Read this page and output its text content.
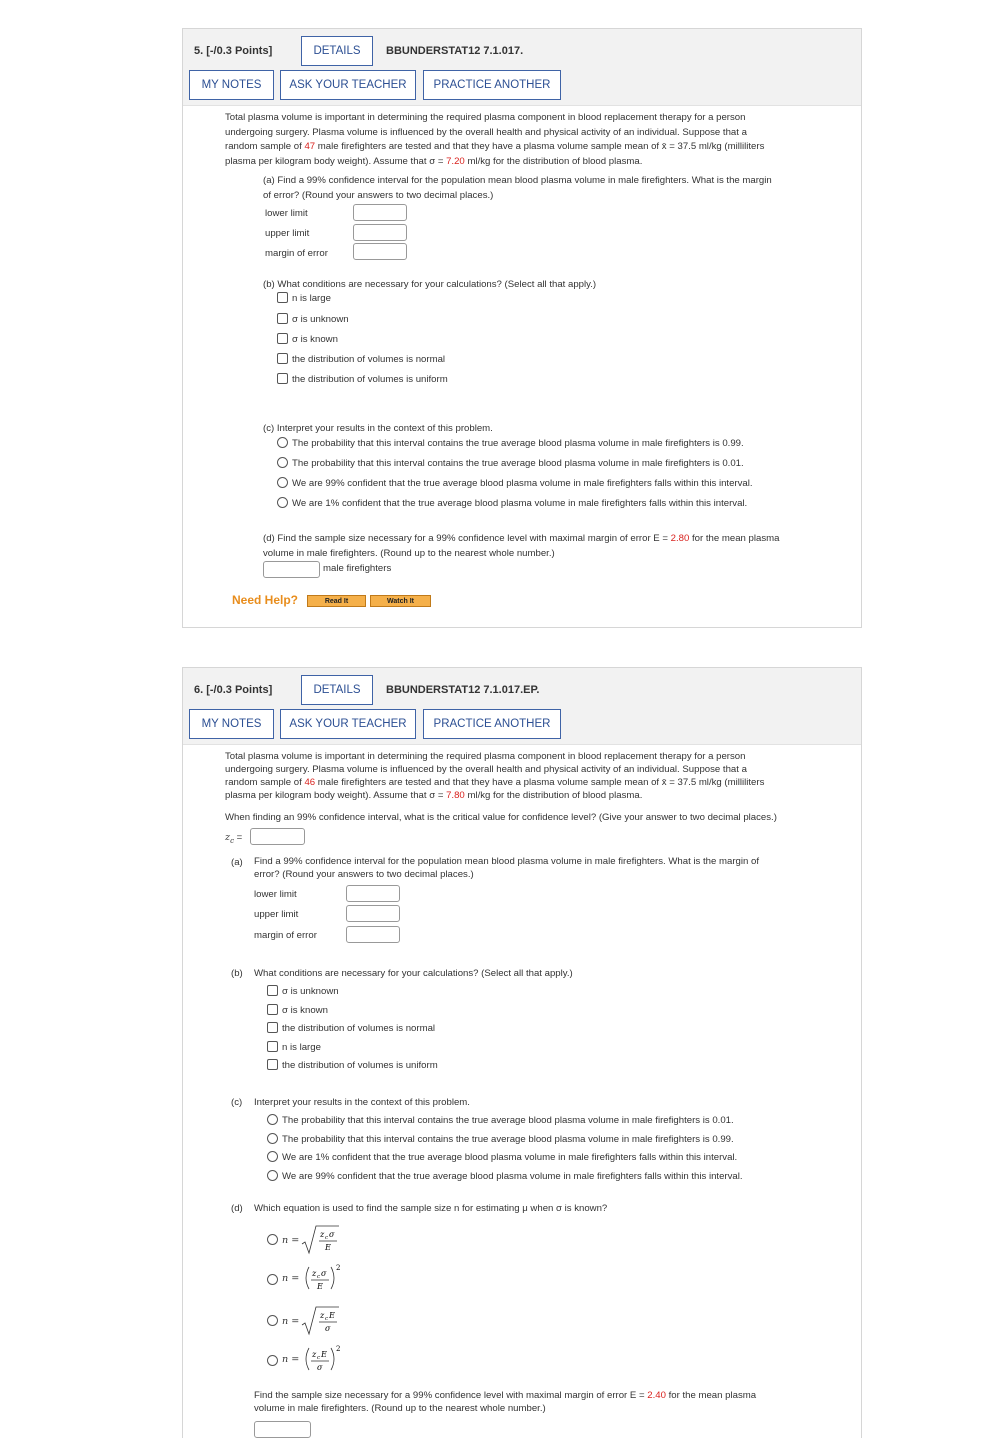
5. [-/0.3 Points]	DETAILS	BBUNDERSTAT12 7.1.017.
MY NOTES	ASK YOUR TEACHER	PRACTICE ANOTHER
Total plasma volume is important in determining the required plasma component in blood replacement therapy for a person
undergoing surgery. Plasma volume is influenced by the overall health and physical activity of an individual. Suppose that a
random sample of 47 male firefighters are tested and that they have a plasma volume sample mean of x̄ = 37.5 ml/kg (milliliters
plasma per kilogram body weight). Assume that σ = 7.20 ml/kg for the distribution of blood plasma.
(a) Find a 99% confidence interval for the population mean blood plasma volume in male firefighters. What is the margin
of error? (Round your answers to two decimal places.)
lower limit
upper limit
margin of error
(b) What conditions are necessary for your calculations? (Select all that apply.)
n is large
σ is unknown
σ is known
the distribution of volumes is normal
the distribution of volumes is uniform
(c) Interpret your results in the context of this problem.
The probability that this interval contains the true average blood plasma volume in male firefighters is 0.99.
The probability that this interval contains the true average blood plasma volume in male firefighters is 0.01.
We are 99% confident that the true average blood plasma volume in male firefighters falls within this interval.
We are 1% confident that the true average blood plasma volume in male firefighters falls within this interval.
(d) Find the sample size necessary for a 99% confidence level with maximal margin of error E = 2.80 for the mean plasma
volume in male firefighters. (Round up to the nearest whole number.)
male firefighters
Need Help?	Read It	Watch It
6. [-/0.3 Points]	DETAILS	BBUNDERSTAT12 7.1.017.EP.
MY NOTES	ASK YOUR TEACHER	PRACTICE ANOTHER
Total plasma volume is important in determining the required plasma component in blood replacement therapy for a person
undergoing surgery. Plasma volume is influenced by the overall health and physical activity of an individual. Suppose that a
random sample of 46 male firefighters are tested and that they have a plasma volume sample mean of x̄ = 37.5 ml/kg (milliliters
plasma per kilogram body weight). Assume that σ = 7.80 ml/kg for the distribution of blood plasma.
When finding an 99% confidence interval, what is the critical value for confidence level? (Give your answer to two decimal places.)
$z_c$ =
(a) Find a 99% confidence interval for the population mean blood plasma volume in male firefighters. What is the margin of
error? (Round your answers to two decimal places.)
lower limit
upper limit
margin of error
(b) What conditions are necessary for your calculations? (Select all that apply.)
σ is unknown
σ is known
the distribution of volumes is normal
n is large
the distribution of volumes is uniform
(c) Interpret your results in the context of this problem.
The probability that this interval contains the true average blood plasma volume in male firefighters is 0.01.
The probability that this interval contains the true average blood plasma volume in male firefighters is 0.99.
We are 1% confident that the true average blood plasma volume in male firefighters falls within this interval.
We are 99% confident that the true average blood plasma volume in male firefighters falls within this interval.
(d) Which equation is used to find the sample size n for estimating μ when σ is known?
n =	z c σ
E
n = z c σ
E
2
n =	z c E
σ
n = z c E
σ
2
Find the sample size necessary for a 99% confidence level with maximal margin of error E = 2.40 for the mean plasma
volume in male firefighters. (Round up to the nearest whole number.)
